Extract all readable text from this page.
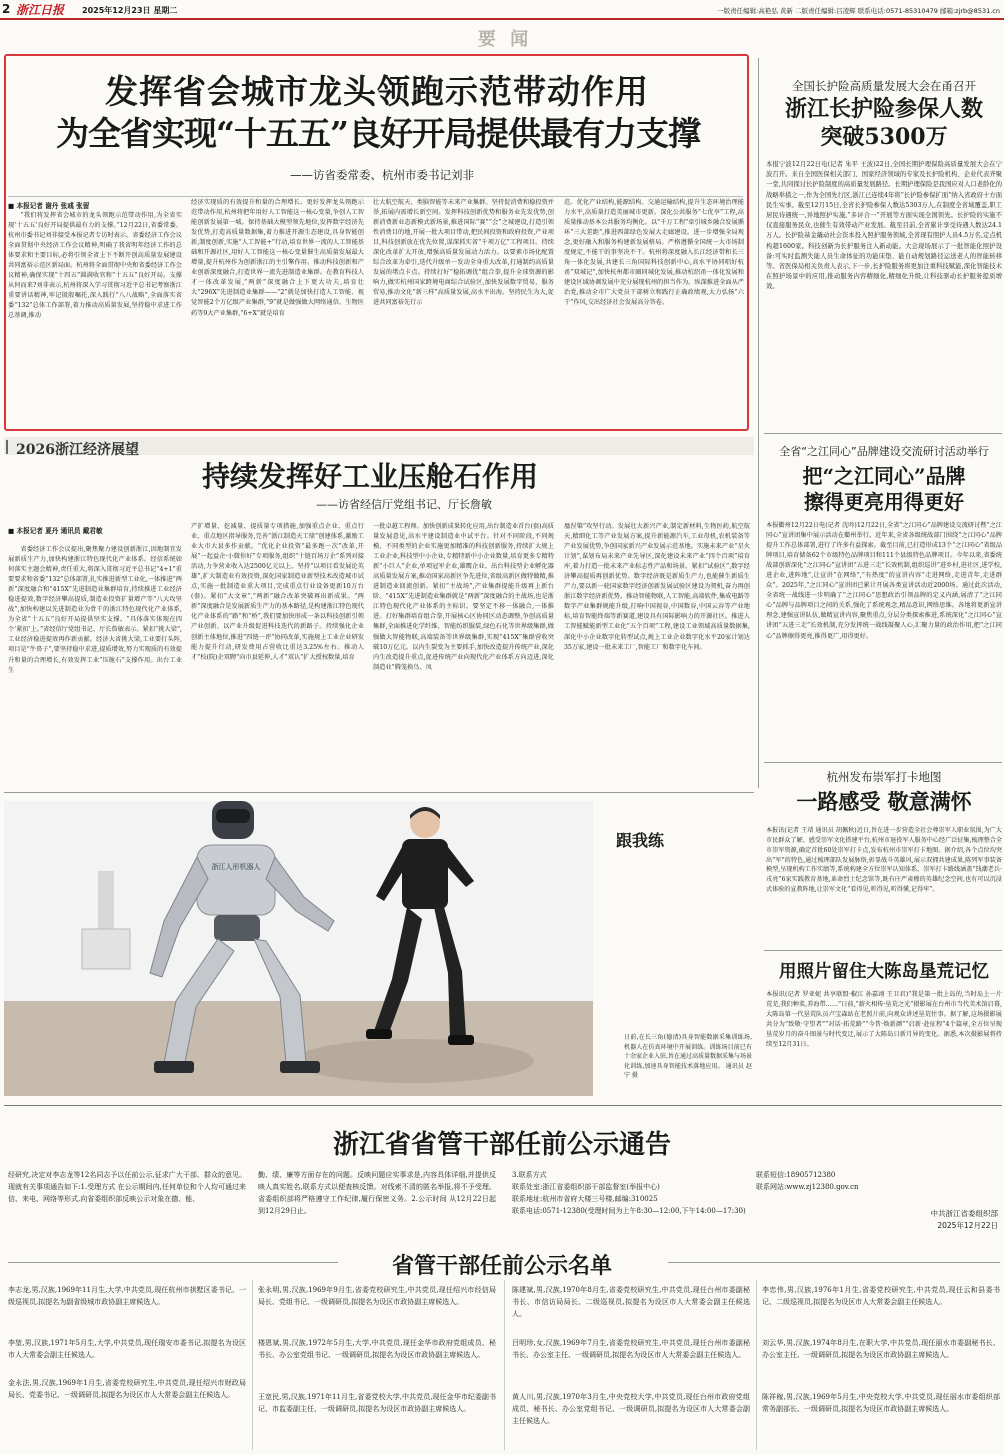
2 浙江日报 2025年12月23日 星期二	一版责任编辑:高艳弘 黄新 二版责任编辑:吕凌辉 联系电话:0571-85310479 邮箱:zjrb@8531.cn
要 闻
发挥省会城市龙头领跑示范带动作用
为全省实现“十五五”良好开局提供最有力支撑
——访省委常委、杭州市委书记刘非
■ 本报记者 谢丹 张彧 张留

“我们将发挥省会城市的龙头领跑示范带动作用,为全省实现‘十五五’良好开局提供最有力的支撑。”12月22日,省委常委、杭州市委书记刘非接受本报记者专访时表示。省委经济工作会议全面贯彻中央经济工作会议精神,明确了我省明年经济工作的总体要求和主要目标,必将引领全省上下不断开创高质量发展建设共同富裕示范区新局面。杭州将全面贯彻中央和省委经济工作会议精神,确保实现“十四五”圆满收官和“十五五”良好开局。支撑从何而来?刘非表示,杭州将深入学习贯彻习近平总书记考察浙江重要讲话精神,牢记殷殷嘱托,深入践行“八八战略”,全面落实省委“132”总体工作部署,着力推动高质量发展,坚持稳中求进工作总基调,推动

经济实现质的有效提升和量的合理增长。更好发挥龙头领跑示范带动作用,杭州将把年用好人工智能这一核心变量,争创人工智能创新发展第一城。保持基础大模型领先地位,发挥数字经济先发优势,打造高质量数据集,着力推进开源生态建设,具身智能创新,制度创新,实施“人工智能+”行动,培育世界一流的人工智能基础和开源社区,用好人工智能这一核心变量催生高质量发展最大增量,提升杭州作为创新浙江的主引擎作用。推动科技创新和产业创新深度融合,打造世界一流先进制造业集群。在教育科技人才一体改革发展,“两新”深度融合上下更大功夫,培育壮大“296X”先进制造业集群——“2”就是加快打造人工智能、视觉智能2个万亿级产业集群,“9”就是做强做大网络通信、生物医药等9大产业集群,“6+X”就是培育
壮大航空航天、类脑智能等未来产业集群。坚持促消费和稳投资并举,拓展内需增长新空间。发挥科技创新优势和服务业先发优势,创新消费新业态新模式新场景,推进国际“赛”“会”之城建设,打造引领性消费目的地,开展一批大项目带动,把民间投资和政府投资,产业项目,科技创新放在优先位置,谋深抓实省“千项万亿”工程项目。持续深化改革扩大开放,增强高质量发展动力活力。以要素市场化配置综合改革为牵引,迭代升级单一发动全身重大改革,打通制约高质量发展的堵点卡点。持续打好“稳拓调优”组合拳,提升全球资源的影响力,做实杭州国家跨境电商综合试验区,加快发展数字贸易、服务贸易,推动文化“新三样”高质量发展,高水平出海。坚持民生为大,促进共同富裕先行示
范。优化产业结构,能源结构、交通运输结构,提升生态环境治理能力水平,高质量打造美丽城市更新。深化公共服务“七优享”工程,高质量推动基本公共服务均衡化。以“千万工程”牵引城乡融合发展循环“三大差距”,推进西部绿色发展大走廊建设。进一步增强全局观念,更好融入和服务构建新发展格局。严格遵循全国统一大市场制度规定,不能干的事坚决不干。杭州将深度融入长江经济带和长三角一体化发展,共建长三角国际科技创新中心,高水平协同唱好杭甬“双城记”,加快杭州都市圈同城化发展,推动杭绍甬一体化发展和建设区域协调发展中充分展现杭州的担当作为。纵深推进全面从严治党,推动全市广大党员干部树立和践行正确政绩观,大力弘扬“六干”作风,交出经济社会发展高分答卷。
全国长护险高质量发展大会在甬召开
浙江长护险参保人数
突破5300万
本报宁波12月22日电(记者 朱平 王波)22日,全国长期护理保险高质量发展大会在宁波召开。来自全国医保相关部门、国家经济领域的专家及长护险机构、企业代表齐聚一堂,共同探讨长护险制度的高质量发展路径。长期护理保险是我国应对人口老龄化的战略举措之一,作为全国先行区,浙江已连续4年将“长护险参保扩面”纳入省政府十方面民生实事。截至12月15日,全省长护险参保人数达5303万人,在制度全省域覆盖,职工居民待遇统一,异地照护实施,“多评合一”开展等方面实现全国领先。长护险的实施不仅直接服务民众,也催生有效带动产业发展。截至目前,全省累计享受待遇人数达24.1万人。长护险基金撬动社会资本投入照护服务领域,全省现有照护人员4.5万名,定点机构超1600家。科技创新为长护服务注入新动能。大会现场展示了一批智能化照护设备:可实时监测失能人员生命体征的功能床垫、能自动规划路径运送老人的智能转移等。省医保局相关负责人表示,下一步,长护险服务将更加注重科技赋能,深化智能技术在照护场景中的应用,推动服务内容精细化,精细化升级,让科技驱动长护服务提质增效。
2026浙江经济展望
持续发挥好工业压舱石作用
——访省经信厅党组书记、厅长詹敏
■ 本报记者 夏丹 通讯员 戴君敏

省委经济工作会议提出,聚焦聚力建设创新浙江,因地制宜发展新质生产力,加快构建浙江特色现代化产业体系。经信系统如何落实主题会精神,责任重大,将深入贯彻习近平总书记“4+1”重要要求和省委“132”总体部署,扎实推进新型工业化,一体推进“两新”深度融合和“415X”先进制造业集群培育,持续推进工业经济稳进提效,数字经济攀高提质,制造业投资扩量增产等“八大攻坚战”,加快构建以先进制造业为骨干的浙江特色现代化产业体系,为全省“十五五”良好开局提供坚实支撑。“具体落实体现在四个‘紧扣’上。”省经信厅党组书记、厅长詹敏表示。紧扣“挑大梁”,工业经济稳进提效再作新贡献。经济大省挑大梁,工业要打头阵,项目是“牛鼻子”,要坚持稳中求进,提质增效,努力实现质的有效提升和量的合理增长,有效发挥工业“压舱石”支撑作用。出台工业生

产扩增量、挖减量、提质量专项措施,加强重点企业、重点行业、重点地区指导服务,完善“浙江制造天工鼎”创建体系,激励工业大市大县多作贡献。“优化企业投资“最多跑一次”改革,开展“一起益企·小微你好”专项服务,组织“十链百场万企”系列对接活动,力争营业收入达2500亿元以上。坚持“以项目看发展论英雄”,扩大制造业有效投资,深化国家制造业新型技术改造城市试点,实施一批制造业重大项目,完成重点行业设备更新10万台(套)。紧扣“大文章”,“两新”融合改革突破再出新成果。“两新”深度融合是发展新质生产力的基本路径,是构建浙江特色现代化产业体系的“路”和“桥”,我们要加快形成一条以科技创新引领产业创新、以产业升级促进科技迭代的新路子。持续强化企业创新主体地位,推进“四链一评”协同改革,实施规上工业企业研发能力提升行动,研发费用占营收比重达3.25%左右。推动人才“校(院)企双聘”向市县延伸,人才“双认”扩大授权数量,培育
一批卓越工程师。加快创新成果转化应用,出台制造业首台(套)高质量发展意见,高水平建设制造业中试平台。针对不同阶段,不同规模、不同类型的企业实施更加精准的科技创新服务,持续扩大规上工业企业,科技型中小企业,专精特新中小企业数量,培育更多专精特新“小巨人”企业,单项冠军企业,雄鹰企业。出台科技型企业孵化器高质量发展方案,推动国家高新区争先进位,省级高新区做特做精,推进制造业回流创新。紧扣“主战场”,产业集群提能升级再上新台阶。“415X”先进制造业集群就是“两新”深度融合的主战场,也是浙江特色现代化产业体系的主标识。要坚定不移一体融合,一体推进。打好集群培育组合拳,开展核心区协同区动态调整,争创高质量集群,全面推进化学纤维、智能纺织服装,绿色石化等世界级集群,做强做大智能物联,高端装备等世界级集群,实现“415X”集群营收突破10万亿元。以内生裂变为主要抓手,加快改造提升传统产业,深化内生改造提升重点,促进传统产业向现代化产业体系方向迈进,深化制造业“腾笼换鸟、凤
凰涅槃”攻坚行动。发展壮大新兴产业,制定新材料,生物医药,航空航天,精细化工等产业发展方案,提升新能源汽车,工业母机,农机装备等产业发展优势,争创国家新兴产业发展示范基地。实施未来产业“星火计划”,谋划布局未来产业先导区,深化建设未来产业“四个百项”培育库,着力打造一批未来产业标志性产品和场景。紧扣“试验区”,数字经济攀高提质再创新优势。数字经济既是新质生产力,也能催生新质生产力,要以新一轮国家数字经济创新发展试验区建设为契机,奋力再创浙江数字经济新优势。推动智能物联,人工智能,高端软件,集成电路等数字产业集群规能升级,打响中国视谷,中国数谷,中国云谷等产业地标,培育智能终端等新赛道,建设具有国际影响力的开源社区。推进人工智能赋能新型工业化“五个百项”工程,建设工业领域高质量数据集,深化中小企业数字化转型试点,规上工业企业数字化水平20家计划达35万家,建设一批未来工厂,智能工厂和数字化车间。
全省“之江同心”品牌建设交流研讨活动举行
把“之江同心”品牌
擦得更亮用得更好
本报衢州12月22日电(记者 沈吟)12月22日,全省“之江同心”品牌建设交流研讨暨“之江同心”宣讲团集中展示活动在衢州举行。近年来,全省各级统战部门围绕“之江同心”品牌提升工作总体部署,进行了许多有益探索。截至目前,已打造形成13个“之江同心”省级品牌项目,培育储备62个市级特色品牌项目和111个县级特色品牌项目。今年以来,省委统战部创新深化“之江同心”宣讲团“五进三走”长效机制,组织巡讲“进乡村,进社区,进学校,进企业,进阵地”,让宣讲“在网络”,“有热度”的宣讲内容“走进网络,走进青年,走进群众”。2025年,“之江同心”宣讲团已累计开展各类宣讲活动近2000场。通过此次活动,全省统一战线进一步明确了“之江同心”思想政治引领品牌的定义内涵,展清了“之江同心”品牌与品牌项目之间的关系,强化了系统观念,精品意识,网络思维。各地将更新宣讲理念,建强宣讲队伍,做精宣讲内容,聚焦重点,分层分类探索推进,系统深化“之江同心”宣讲团“五进三走”长效机制,充分发挥统一战线凝聚人心,汇聚力量的政治作用,把“之江同心”品牌擦得更亮,推得更广,用得更好。
浙江人形机器人
跟我练
日前,在长三角(德清)具身智能数据采集训练场,机器人在仿真环境中开展训练。训练场目前已有十余家企业入驻,旨在通过高质量数据采集与场景化训练,加速具身智能技术落地应用。 通讯员 赵宁 摄
杭州发布崇军打卡地图
一路感受 敬意满怀
本报讯(记者 王靖 通讯员 胡佩秋)近日,旨在进一步营造全社会尊崇军人职业氛围,为广大市民群众了解、感受崇军文化搭建平台,杭州市退役军人服务中心经广泛征集,梳理整合全市崇军资源,确定首批60处崇军打卡点,发布杭州市崇军打卡地图。据介绍,各个点位均突出“军”的特色,通过梳理部队发展脉络,彰显战斗英雄风,展示双拥共建成果,陈列军事装备模型,呈现机构工作实绩等,系统构建全方位崇军认知体系。崇军打卡路线涵盖“钱潮老兵·戎亮”6家实践教育基地,革命烈士纪念馆等,既有庄严肃穆的英雄纪念空间,也有可以沉浸式体验的宣教阵地,让崇军文化“看得见,听得见,听得懂,记得牢”。
用照片留住大陈岛垦荒记忆
本报讯(记者 罗亚妮 共享联盟·椒江 孙嘉翊 王卫君)“我是第一批上岛的,当时岛上一片荒芜,我们种菜,养海带……”日前,“薪火相传·垦荒之光”摄影展在台州市当代美术馆启幕,大陈岛第一代垦荒队员卢宝森站在老照片前,向观众讲述垦荒往事。据了解,这场摄影展共分为“致敬·守望者”“对话·拓荒路”“今昔·焕新颜”“启新·赴征程”4个篇章,全方位呈现垦荒岁月的奋斗图景与时代变迁,展示了大陈岛日新月异的变化。据悉,本次摄影展将持续至12月31日。
浙江省省管干部任前公示通告
经研究,决定对李志龙等12名同志予以任前公示,征求广大干部、群众的意见。现就有关事项通告如下:1.受理方式 在公示期间内,任何单位和个人均可通过来信、来电、网络等形式,向省委组织部反映公示对象在德、能、
勤、绩、廉等方面存在的问题。反映问题应实事求是,内容具体详细,并提供反映人真实姓名,联系方式以便查核反馈。对线索不清的匿名举报,将不予受理。省委组织部将严格遵守工作纪律,履行保密义务。2.公示时间 从12月22日起到12月29日止。
3.联系方式
联系处室:浙江省委组织部干部监督室(举报中心)
联系地址:杭州市省府大楼三号楼,邮编:310025
联系电话:0571-12380(受理时间为上午8:30—12:00,下午14:00—17:30)
联系短信:18905712380
联系网站:www.zj12380.gov.cn
中共浙江省委组织部
2025年12月22日
省管干部任前公示名单
李志龙,男,汉族,1969年11月生,大学,中共党员,现任杭州市拱墅区委书记、一级巡视员,拟提名为副省级城市政协副主席候选人。
李堃,男,汉族,1971年5月生,大学,中共党员,现任瑞安市委书记,拟提名为设区市人大常委会副主任候选人。
金永法,男,汉族,1969年1月生,省委党校研究生,中共党员,现任绍兴市财政局局长、党委书记、一级调研员,拟提名为设区市人大常委会副主任候选人。
张永明,男,汉族,1969年9月生,省委党校研究生,中共党员,现任绍兴市经信局局长、党组书记、一级调研员,拟提名为设区市政协副主席候选人。
楼恩斌,男,汉族,1972年5月生,大学,中共党员,现任金华市政府党组成员、秘书长、办公室党组书记、一级调研员,拟提名为设区市政协副主席候选人。
王宽民,男,汉族,1971年11月生,省委党校大学,中共党员,现任金华市纪委副书记、市监委副主任、一级调研员,拟提名为设区市政协副主席候选人。
陈建斌,男,汉族,1970年8月生,省委党校研究生,中共党员,现任台州市委副秘书长、市信访局局长、二级巡视员,拟提名为设区市人大常委会副主任候选人。
吕明珍,女,汉族,1969年7月生,省委党校研究生,中共党员,现任台州市委副秘书长、办公室主任、一级调研员,拟提名为设区市人大常委会副主任候选人。
黄人川,男,汉族,1970年3月生,中央党校大学,中共党员,现任台州市政府党组成员、秘书长、办公室党组书记、一级调研员,拟提名为设区市人大常委会副主任候选人。
李忠伟,男,汉族,1976年1月生,省委党校研究生,中共党员,现任云和县委书记、二级巡视员,拟提名为设区市人大常委会副主任候选人。
刘云华,男,汉族,1974年8月生,在职大学,中共党员,现任丽水市委副秘书长、办公室主任、一级调研员,拟提名为设区市政协副主席候选人。
陈祥稼,男,汉族,1969年5月生,中央党校大学,中共党员,现任丽水市委组织部常务副部长、一级调研员,拟提名为设区市政协副主席候选人。
